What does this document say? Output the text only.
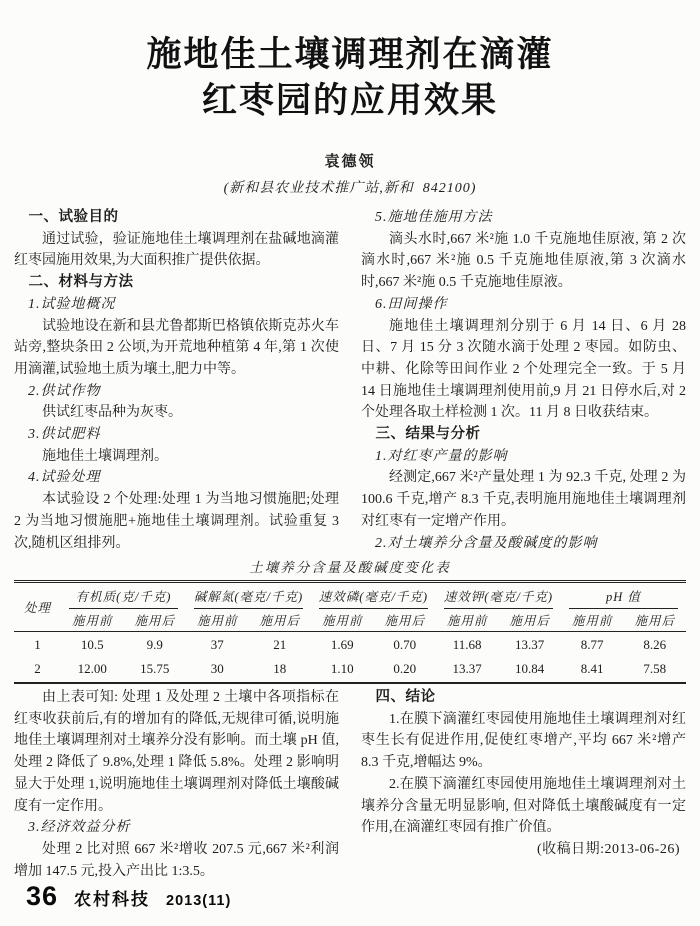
施地佳土壤调理剂在滴灌
红枣园的应用效果
袁德领
(新和县农业技术推广站,新和  842100)
一、试验目的
通过试验，验证施地佳土壤调理剂在盐碱地滴灌红枣园施用效果,为大面积推广提供依据。
二、材料与方法
1.试验地概况
试验地设在新和县尤鲁都斯巴格镇依斯克苏火车站旁,整块条田 2 公顷,为开荒地种植第 4 年,第 1 次使用滴灌,试验地土质为壤土,肥力中等。
2.供试作物
供试红枣品种为灰枣。
3.供试肥料
施地佳土壤调理剂。
4.试验处理
本试验设 2 个处理:处理 1 为当地习惯施肥;处理 2 为当地习惯施肥+施地佳土壤调理剂。试验重复 3 次,随机区组排列。
5.施地佳施用方法
滴头水时,667 米²施 1.0 千克施地佳原液, 第 2 次滴水时,667 米²施 0.5 千克施地佳原液,第 3 次滴水时,667 米²施 0.5 千克施地佳原液。
6.田间操作
施地佳土壤调理剂分别于 6 月 14 日、6 月 28 日、7 月 15 分 3 次随水滴于处理 2 枣园。如防虫、中耕、化除等田间作业 2 个处理完全一致。于 5 月 14 日施地佳土壤调理剂使用前,9 月 21 日停水后,对 2 个处理各取土样检测 1 次。11 月 8 日收获结束。
三、结果与分析
1.对红枣产量的影响
经测定,667 米²产量处理 1 为 92.3 千克, 处理 2 为 100.6 千克,增产 8.3 千克,表明施用施地佳土壤调理剂对红枣有一定增产作用。
2.对土壤养分含量及酸碱度的影响
土壤养分含量及酸碱度变化表
处理	有机质(克/千克)		碱解氮(毫克/千克)		速效磷(毫克/千克)		速效钾(毫克/千克)		pH 值	
	施用前	施用后	施用前	施用后	施用前	施用后	施用前	施用后	施用前	施用后
1	10.5	9.9	37	21	1.69	0.70	11.68	13.37	8.77	8.26
2	12.00	15.75	30	18	1.10	0.20	13.37	10.84	8.41	7.58
由上表可知: 处理 1 及处理 2 土壤中各项指标在红枣收获前后,有的增加有的降低,无规律可循,说明施地佳土壤调理剂对土壤养分没有影响。而土壤 pH 值,处理 2 降低了 9.8%,处理 1 降低 5.8%。处理 2 影响明显大于处理 1,说明施地佳土壤调理剂对降低土壤酸碱度有一定作用。
3.经济效益分析
处理 2 比对照 667 米²增收 207.5 元,667 米²利润增加 147.5 元,投入产出比 1:3.5。
四、结论
1.在膜下滴灌红枣园使用施地佳土壤调理剂对红枣生长有促进作用,促使红枣增产,平均 667 米²增产 8.3 千克,增幅达 9%。
2.在膜下滴灌红枣园使用施地佳土壤调理剂对土壤养分含量无明显影响, 但对降低土壤酸碱度有一定作用,在滴灌红枣园有推广价值。
(收稿日期:2013-06-26)
36 农村科技 2013(11)
